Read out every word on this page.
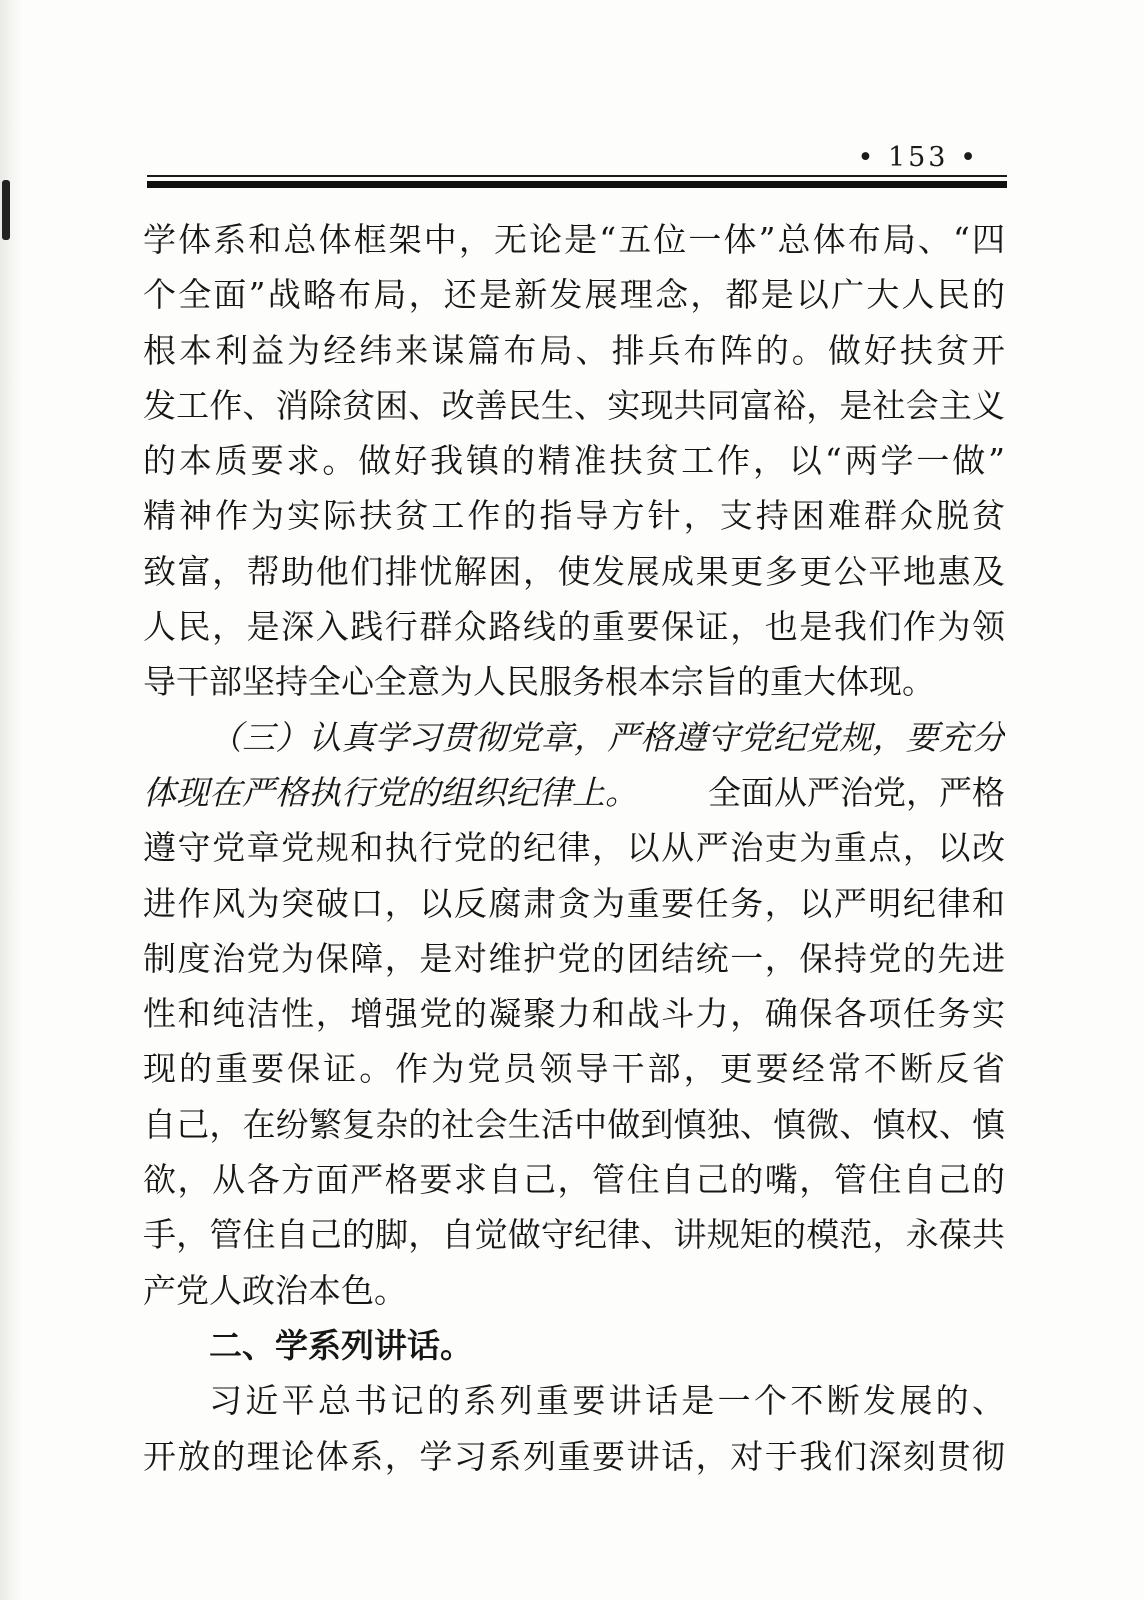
• 153 •
学体系和总体框架中，无论是“五位一体”总体布局、“四
个全面”战略布局，还是新发展理念，都是以广大人民的
根本利益为经纬来谋篇布局、排兵布阵的。做好扶贫开
发工作、消除贫困、改善民生、实现共同富裕，是社会主义
的本质要求。做好我镇的精准扶贫工作，以“两学一做”
精神作为实际扶贫工作的指导方针，支持困难群众脱贫
致富，帮助他们排忧解困，使发展成果更多更公平地惠及
人民，是深入践行群众路线的重要保证，也是我们作为领
导干部坚持全心全意为人民服务根本宗旨的重大体现。
（三）认真学习贯彻党章，严格遵守党纪党规，要充分
体现在严格执行党的组织纪律上。 全面从严治党，严格
遵守党章党规和执行党的纪律，以从严治吏为重点，以改
进作风为突破口，以反腐肃贪为重要任务，以严明纪律和
制度治党为保障，是对维护党的团结统一，保持党的先进
性和纯洁性，增强党的凝聚力和战斗力，确保各项任务实
现的重要保证。作为党员领导干部，更要经常不断反省
自己，在纷繁复杂的社会生活中做到慎独、慎微、慎权、慎
欲，从各方面严格要求自己，管住自己的嘴，管住自己的
手，管住自己的脚，自觉做守纪律、讲规矩的模范，永葆共
产党人政治本色。
二、学系列讲话。
习近平总书记的系列重要讲话是一个不断发展的、
开放的理论体系，学习系列重要讲话，对于我们深刻贯彻
